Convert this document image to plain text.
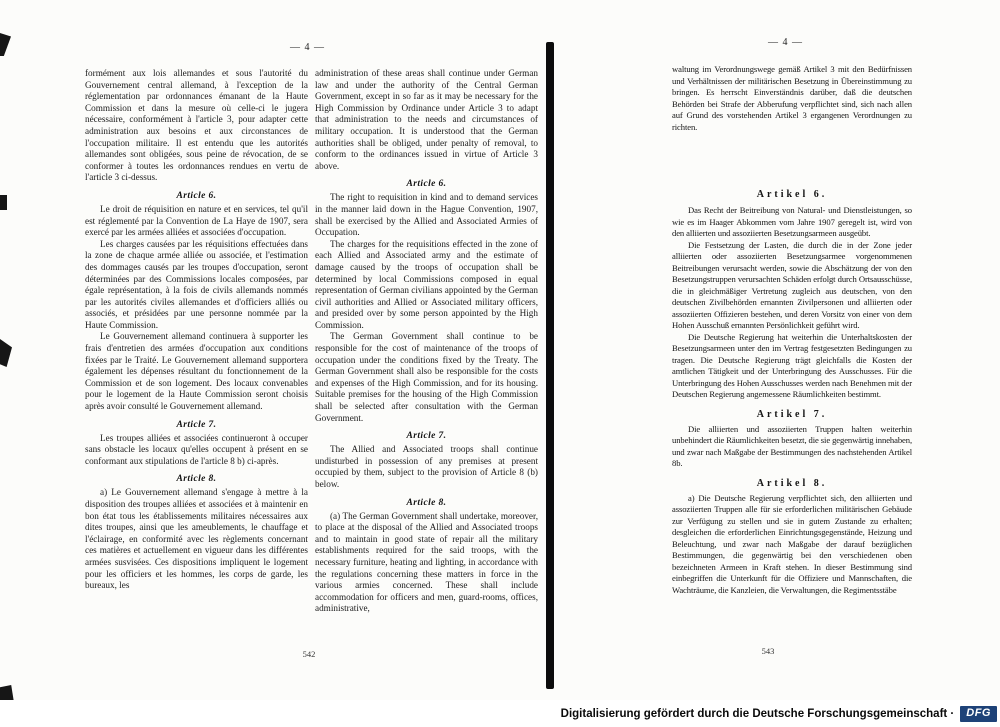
— 4 —

formément aux lois allemandes et sous l'autorité du Gouvernement central allemand, à l'exception de la réglementation par ordonnances émanant de la Haute Commission et dans la mesure où celle-ci le jugera nécessaire, conformément à l'article 3, pour adapter cette administration aux besoins et aux circonstances de l'occupation militaire. Il est entendu que les autorités allemandes sont obligées, sous peine de révocation, de se conformer à toutes les ordonnances rendues en vertu de l'article 3 ci-dessus.

Article 6.

Le droit de réquisition en nature et en services, tel qu'il est réglementé par la Convention de La Haye de 1907, sera exercé par les armées alliées et associées d'occupation.

Les charges causées par les réquisitions effectuées dans la zone de chaque armée alliée ou associée, et l'estimation des dommages causés par les troupes d'occupation, seront déterminées par des Commissions locales composées, par égale représentation, à la fois de civils allemands nommés par les autorités civiles allemandes et d'officiers alliés ou associés, et présidées par une personne nommée par la Haute Commission.

Le Gouvernement allemand continuera à supporter les frais d'entretien des armées d'occupation aux conditions fixées par le Traité. Le Gouvernement allemand supportera également les dépenses résultant du fonctionnement de la Commission et de son logement. Des locaux convenables pour le logement de la Haute Commission seront choisis après avoir consulté le Gouvernement allemand.

Article 7.

Les troupes alliées et associées continueront à occuper sans obstacle les locaux qu'elles occupent à présent en se conformant aux stipulations de l'article 8 b) ci-après.

Article 8.

a) Le Gouvernement allemand s'engage à mettre à la disposition des troupes alliées et associées et à maintenir en bon état tous les établissements militaires nécessaires aux dites troupes, ainsi que les ameublements, le chauffage et l'éclairage, en conformité avec les règlements concernant ces matières et actuellement en vigueur dans les différentes armées susvisées. Ces dispositions impliquent le logement pour les officiers et les hommes, les corps de garde, les bureaux, les

administration of these areas shall continue under German law and under the authority of the Central German Government, except in so far as it may be necessary for the High Commission by Ordinance under Article 3 to adapt that administration to the needs and circumstances of military occupation. It is understood that the German authorities shall be obliged, under penalty of removal, to conform to the ordinances issued in virtue of Article 3 above.

Article 6.

The right to requisition in kind and to demand services in the manner laid down in the Hague Convention, 1907, shall be exercised by the Allied and Associated Armies of Occupation.

The charges for the requisitions effected in the zone of each Allied and Associated army and the estimate of damage caused by the troops of occupation shall be determined by local Commissions composed in equal representation of German civilians appointed by the German civil authorities and Allied or Associated military officers, and presided over by some person appointed by the High Commission.

The German Government shall continue to be responsible for the cost of maintenance of the troops of occupation under the conditions fixed by the Treaty. The German Government shall also be responsible for the costs and expenses of the High Commission, and for its housing. Suitable premises for the housing of the High Commission shall be selected after consultation with the German Government.

Article 7.

The Allied and Associated troops shall continue undisturbed in possession of any premises at present occupied by them, subject to the provision of Article 8 (b) below.

Article 8.

(a) The German Government shall undertake, moreover, to place at the disposal of the Allied and Associated troops and to maintain in good state of repair all the military establishments required for the said troops, with the necessary furniture, heating and lighting, in accordance with the regulations concerning these matters in force in the various armies concerned. These shall include accommodation for officers and men, guard-rooms, offices, administrative,

542
— 4 —

waltung im Verordnungswege gemäß Artikel 3 mit den Bedürfnissen und Verhältnissen der militärischen Besetzung in Übereinstimmung zu bringen. Es herrscht Einverständnis darüber, daß die deutschen Behörden bei Strafe der Abberufung verpflichtet sind, sich nach allen auf Grund des vorstehenden Artikel 3 ergangenen Verordnungen zu richten.

Artikel 6.

Das Recht der Beitreibung von Natural- und Dienstleistungen, so wie es im Haager Abkommen vom Jahre 1907 geregelt ist, wird von den alliierten und assoziierten Besetzungsarmeen ausgeübt.

Die Festsetzung der Lasten, die durch die in der Zone jeder alliierten oder assoziierten Besetzungsarmee vorgenommenen Beitreibungen verursacht werden, sowie die Abschätzung der von den Besetzungstruppen verursachten Schäden erfolgt durch Ortsausschüsse, die in gleichmäßiger Vertretung zugleich aus deutschen, von den deutschen Zivilbehörden ernannten Zivilpersonen und alliierten oder assoziierten Offizieren bestehen, und deren Vorsitz von einer von dem Hohen Ausschuß ernannten Persönlichkeit geführt wird.

Die Deutsche Regierung hat weiterhin die Unterhaltskosten der Besetzungsarmeen unter den im Vertrag festgesetzten Bedingungen zu tragen. Die Deutsche Regierung trägt gleichfalls die Kosten der amtlichen Tätigkeit und der Unterbringung des Ausschusses. Für die Unterbringung des Hohen Ausschusses werden nach Benehmen mit der Deutschen Regierung angemessene Räumlichkeiten bestimmt.

Artikel 7.

Die alliierten und assoziierten Truppen halten weiterhin unbehindert die Räumlichkeiten besetzt, die sie gegenwärtig innehaben, und zwar nach Maßgabe der Bestimmungen des nachstehenden Artikel 8b.

Artikel 8.

a) Die Deutsche Regierung verpflichtet sich, den alliierten und assoziierten Truppen alle für sie erforderlichen militärischen Gebäude zur Verfügung zu stellen und sie in gutem Zustande zu erhalten; desgleichen die erforderlichen Einrichtungsgegenstände, Heizung und Beleuchtung, und zwar nach Maßgabe der darauf bezüglichen Bestimmungen, die gegenwärtig bei den verschiedenen oben bezeichneten Armeen in Kraft stehen. In dieser Bestimmung sind einbegriffen die Unterkunft für die Offiziere und Mannschaften, die Wachträume, die Kanzleien, die Verwaltungen, die Regimentsstäbe

543
Digitalisierung gefördert durch die Deutsche Forschungsgemeinschaft ·	DFG
